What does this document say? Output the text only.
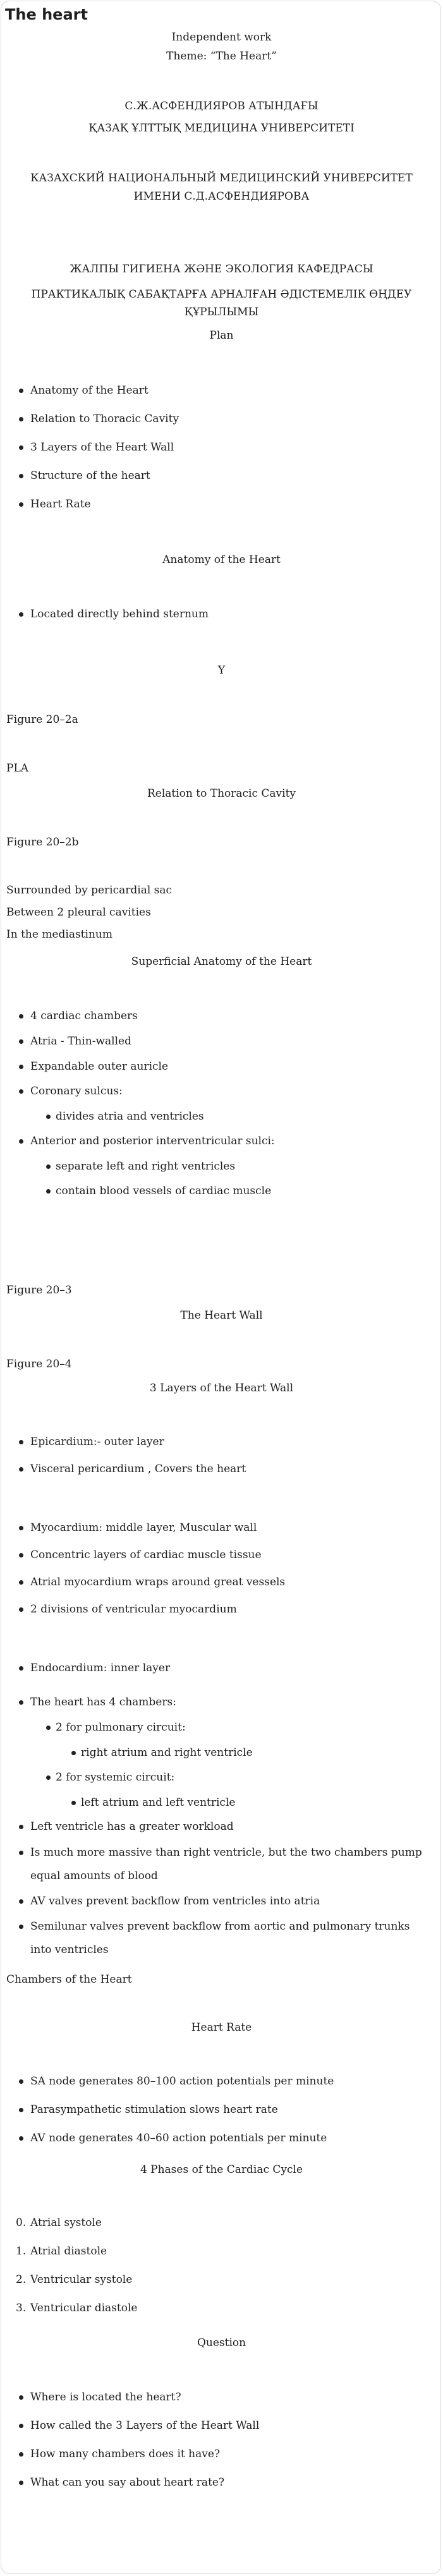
The heart
Independent work
Theme: “The Heart”
С.Ж.АСФЕНДИЯРОВ АТЫНДАҒЫ
ҚАЗАҚ ҰЛТТЫҚ МЕДИЦИНА УНИВЕРСИТЕТІ
КАЗАХСКИЙ НАЦИОНАЛЬНЫЙ МЕДИЦИНСКИЙ УНИВЕРСИТЕТ
ИМЕНИ С.Д.АСФЕНДИЯРОВА
ЖАЛПЫ ГИГИЕНА ЖӘНЕ ЭКОЛОГИЯ КАФЕДРАСЫ
ПРАКТИКАЛЫҚ САБАҚТАРҒА АРНАЛҒАН ӘДІСТЕМЕЛІК ӨҢДЕУ
ҚҰРЫЛЫМЫ
Plan
Anatomy of the Heart
Relation to Thoracic Cavity
3 Layers of the Heart Wall
Structure of the heart
Heart Rate
Anatomy of the Heart
Located directly behind sternum
Y
Figure 20–2a
PLA
Relation to Thoracic Cavity
Figure 20–2b
Surrounded by pericardial sac
Between 2 pleural cavities
In the mediastinum
Superficial Anatomy of the Heart
4 cardiac chambers
Atria - Thin-walled
Expandable outer auricle
Coronary sulcus:
divides atria and ventricles
Anterior and posterior interventricular sulci:
separate left and right ventricles
contain blood vessels of cardiac muscle
Figure 20–3
The Heart Wall
Figure 20–4
3 Layers of the Heart Wall
Epicardium:- outer layer
Visceral pericardium , Covers the heart
Myocardium: middle layer, Muscular wall
Concentric layers of cardiac muscle tissue
Atrial myocardium wraps around great vessels
2 divisions of ventricular myocardium
Endocardium: inner layer
The heart has 4 chambers:
2 for pulmonary circuit:
right atrium and right ventricle
2 for systemic circuit:
left atrium and left ventricle
Left ventricle has a greater workload
Is much more massive than right ventricle, but the two chambers pump
equal amounts of blood
AV valves prevent backflow from ventricles into atria
Semilunar valves prevent backflow from aortic and pulmonary trunks
into ventricles
Chambers of the Heart
Heart Rate
SA node generates 80–100 action potentials per minute
Parasympathetic stimulation slows heart rate
AV node generates 40–60 action potentials per minute
4 Phases of the Cardiac Cycle
0. Atrial systole
1. Atrial diastole
2. Ventricular systole
3. Ventricular diastole
Question
Where is located the heart?
How called the 3 Layers of the Heart Wall
How many chambers does it have?
What can you say about heart rate?
